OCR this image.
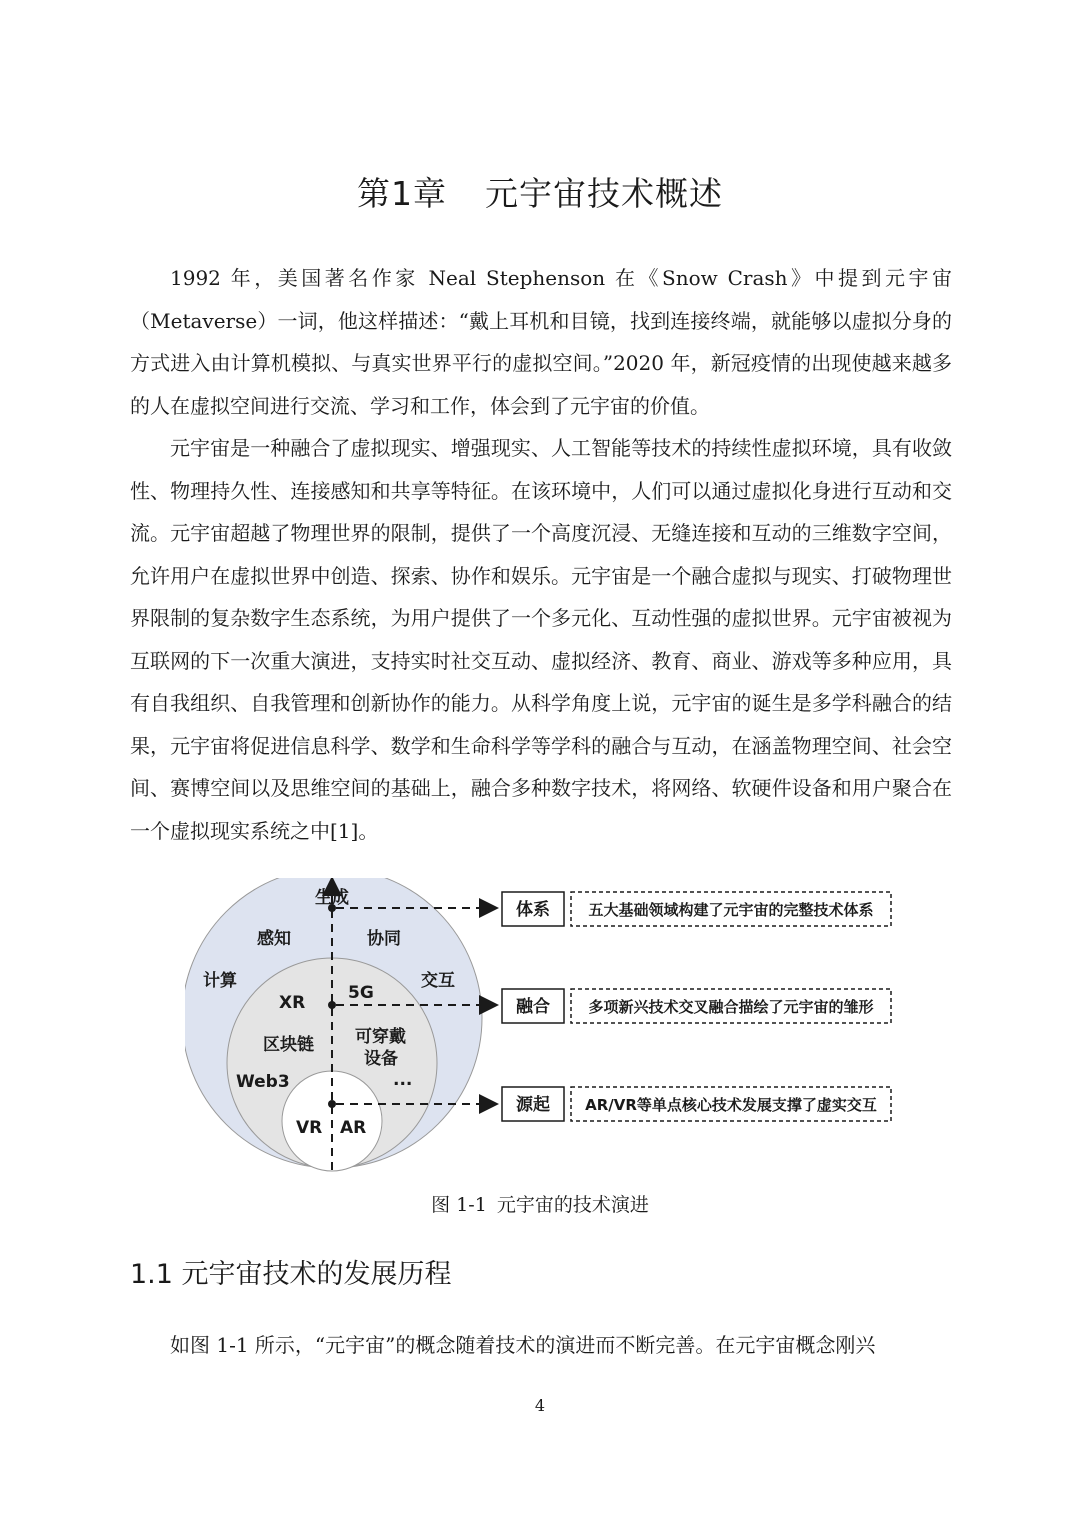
第1章 元宇宙技术概述

1992 年，美国著名作家 Neal Stephenson 在《Snow Crash》中提到元宇宙（Metaverse）一词，他这样描述：“戴上耳机和目镜，找到连接终端，就能够以虚拟分身的方式进入由计算机模拟、与真实世界平行的虚拟空间。”2020 年，新冠疫情的出现使越来越多的人在虚拟空间进行交流、学习和工作，体会到了元宇宙的价值。

元宇宙是一种融合了虚拟现实、增强现实、人工智能等技术的持续性虚拟环境，具有收敛性、物理持久性、连接感知和共享等特征。在该环境中，人们可以通过虚拟化身进行互动和交流。元宇宙超越了物理世界的限制，提供了一个高度沉浸、无缝连接和互动的三维数字空间，允许用户在虚拟世界中创造、探索、协作和娱乐。元宇宙是一个融合虚拟与现实、打破物理世界限制的复杂数字生态系统，为用户提供了一个多元化、互动性强的虚拟世界。元宇宙被视为互联网的下一次重大演进，支持实时社交互动、虚拟经济、教育、商业、游戏等多种应用，具有自我组织、自我管理和创新协作的能力。从科学角度上说，元宇宙的诞生是多学科融合的结果，元宇宙将促进信息科学、数学和生命科学等学科的融合与互动，在涵盖物理空间、社会空间、赛博空间以及思维空间的基础上，融合多种数字技术，将网络、软硬件设备和用户聚合在一个虚拟现实系统之中[1]。

生成
感知	协同
计算	交互
XR	5G
区块链 可穿戴
设备
Web3	...
VR AR
体系	五大基础领域构建了元宇宙的完整技术体系
融合	多项新兴技术交叉融合描绘了元宇宙的雏形
源起 AR/VR等单点核心技术发展支撑了虚实交互
图 1-1 元宇宙的技术演进
1.1 元宇宙技术的发展历程

如图 1-1 所示，“元宇宙”的概念随着技术的演进而不断完善。在元宇宙概念刚兴

4
